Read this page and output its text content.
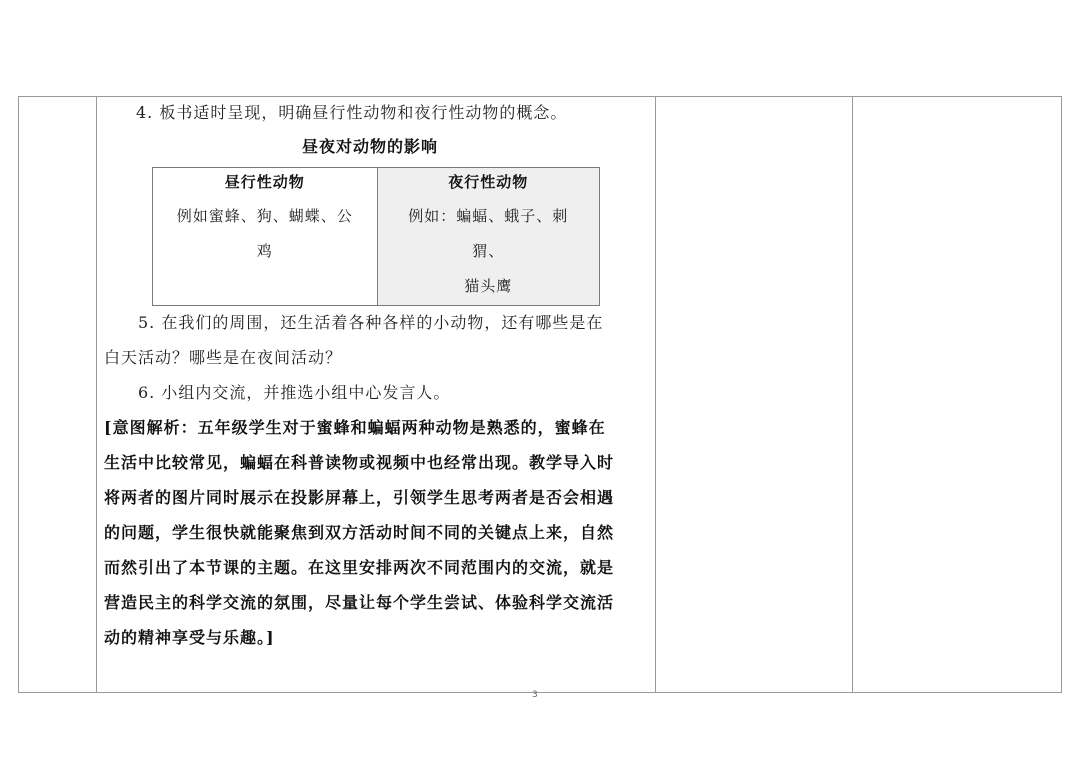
4. 板书适时呈现，明确昼行性动物和夜行性动物的概念。
昼夜对动物的影响
昼行性动物
例如蜜蜂、狗、蝴蝶、公
鸡
夜行性动物
例如：蝙蝠、蛾子、刺
猬、
猫头鹰
5. 在我们的周围，还生活着各种各样的小动物，还有哪些是在
白天活动？哪些是在夜间活动？
6. 小组内交流，并推选小组中心发言人。
[意图解析：五年级学生对于蜜蜂和蝙蝠两种动物是熟悉的，蜜蜂在
生活中比较常见，蝙蝠在科普读物或视频中也经常出现。教学导入时
将两者的图片同时展示在投影屏幕上，引领学生思考两者是否会相遇
的问题，学生很快就能聚焦到双方活动时间不同的关键点上来，自然
而然引出了本节课的主题。在这里安排两次不同范围内的交流，就是
营造民主的科学交流的氛围，尽量让每个学生尝试、体验科学交流活
动的精神享受与乐趣。]
3
